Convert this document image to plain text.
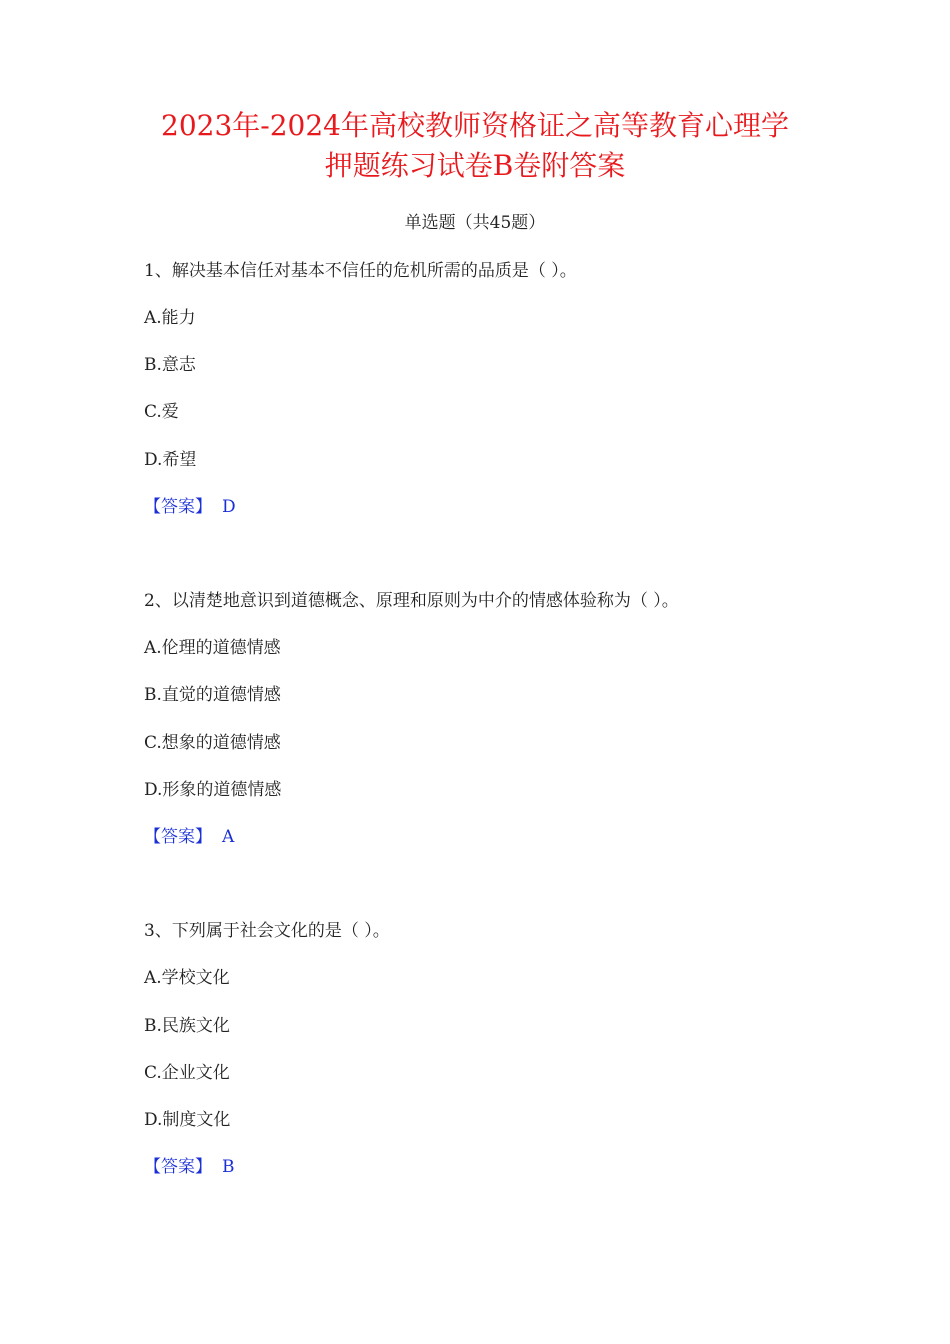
2023年-2024年高校教师资格证之高等教育心理学
押题练习试卷B卷附答案
单选题（共45题）
1、解决基本信任对基本不信任的危机所需的品质是（ ）。
A.能力
B.意志
C.爱
D.希望
【答案】 D
2、以清楚地意识到道德概念、原理和原则为中介的情感体验称为（ ）。
A.伦理的道德情感
B.直觉的道德情感
C.想象的道德情感
D.形象的道德情感
【答案】 A
3、下列属于社会文化的是（ ）。
A.学校文化
B.民族文化
C.企业文化
D.制度文化
【答案】 B
